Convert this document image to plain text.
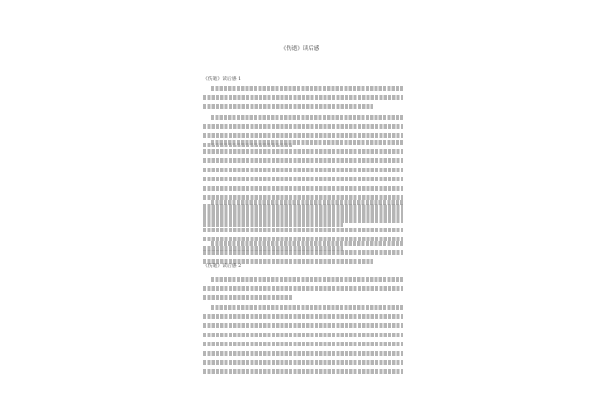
《伤逝》读后感
《伤逝》读后感 1
《伤逝》读后感 2
